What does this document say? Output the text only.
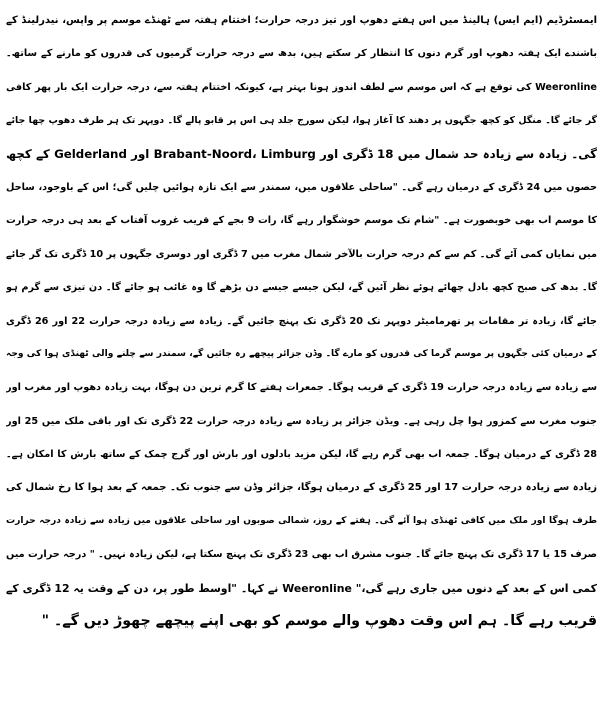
ایمسٹرڈیم (ایم ایس) ہالینڈ میں اس ہفتے دھوپ اور تیز درجہ حرارت؛ اختتام ہفتہ سے ٹھنڈے موسم پر واپس، نیدرلینڈ کے
باشندے ایک ہفتہ دھوپ اور گرم دنوں کا انتظار کر سکتے ہیں، بدھ سے درجہ حرارت گرمیوں کی قدروں کو مارنے کے ساتھ۔
Weeronline کی توقع ہے کہ اس موسم سے لطف اندوز ہونا بہتر ہے، کیونکہ اختتام ہفتہ سے، درجہ حرارت ایک بار پھر کافی
گر جائے گا۔ منگل کو کچھ جگہوں پر دھند کا آغاز ہوا، لیکن سورج جلد ہی اس پر قابو پالے گا۔ دوپہر تک ہر طرف دھوپ چھا جائے
گی۔ زیادہ سے زیادہ حد شمال میں 18 ڈگری اور Brabant-Noord، Limburg اور Gelderland کے کچھ
حصوں میں 24 ڈگری کے درمیان رہے گی۔ "ساحلی علاقوں میں، سمندر سے ایک تازہ ہوائیں چلیں گی؛ اس کے باوجود، ساحل
کا موسم اب بھی خوبصورت ہے۔ "شام تک موسم خوشگوار رہے گا، رات 9 بجے کے قریب غروب آفتاب کے بعد ہی درجہ حرارت
میں نمایاں کمی آئے گی۔ کم سے کم درجہ حرارت بالآخر شمال مغرب میں 7 ڈگری اور دوسری جگہوں پر 10 ڈگری تک گر جائے
گا۔ بدھ کی صبح کچھ بادل چھائے ہوئے نظر آئیں گے، لیکن جیسے جیسے دن بڑھے گا وہ غائب ہو جائے گا۔ دن تیزی سے گرم ہو
جائے گا، زیادہ تر مقامات پر تھرمامیٹر دوپہر تک 20 ڈگری تک پہنچ جائیں گے۔ زیادہ سے زیادہ درجہ حرارت 22 اور 26 ڈگری
کے درمیان کئی جگہوں پر موسم گرما کی قدروں کو مارے گا۔ وڈن جزائر پیچھے رہ جائیں گے، سمندر سے چلنے والی ٹھنڈی ہوا کی وجہ
سے زیادہ سے زیادہ درجہ حرارت 19 ڈگری کے قریب ہوگا۔ جمعرات ہفتے کا گرم ترین دن ہوگا، بہت زیادہ دھوپ اور مغرب اور
جنوب مغرب سے کمزور ہوا چل رہی ہے۔ ویڈن جزائر پر زیادہ سے زیادہ درجہ حرارت 22 ڈگری تک اور باقی ملک میں 25 اور
28 ڈگری کے درمیان ہوگا۔ جمعہ اب بھی گرم رہے گا، لیکن مزید بادلوں اور بارش اور گرج چمک کے ساتھ بارش کا امکان ہے۔
زیادہ سے زیادہ درجہ حرارت 17 اور 25 ڈگری کے درمیان ہوگا، جزائر وڈن سے جنوب تک۔ جمعہ کے بعد ہوا کا رخ شمال کی
طرف ہوگا اور ملک میں کافی ٹھنڈی ہوا آئے گی۔ ہفتے کے روز، شمالی صوبوں اور ساحلی علاقوں میں زیادہ سے زیادہ درجہ حرارت
صرف 15 یا 17 ڈگری تک پہنچ جائے گا۔ جنوب مشرق اب بھی 23 ڈگری تک پہنچ سکتا ہے، لیکن زیادہ نہیں۔ " درجہ حرارت میں
کمی اس کے بعد کے دنوں میں جاری رہے گی،" Weeronline نے کہا۔ "اوسط طور پر، دن کے وقت یہ 12 ڈگری کے
قریب رہے گا۔ ہم اس وقت دھوپ والے موسم کو بھی اپنے پیچھے چھوڑ دیں گے۔ "
